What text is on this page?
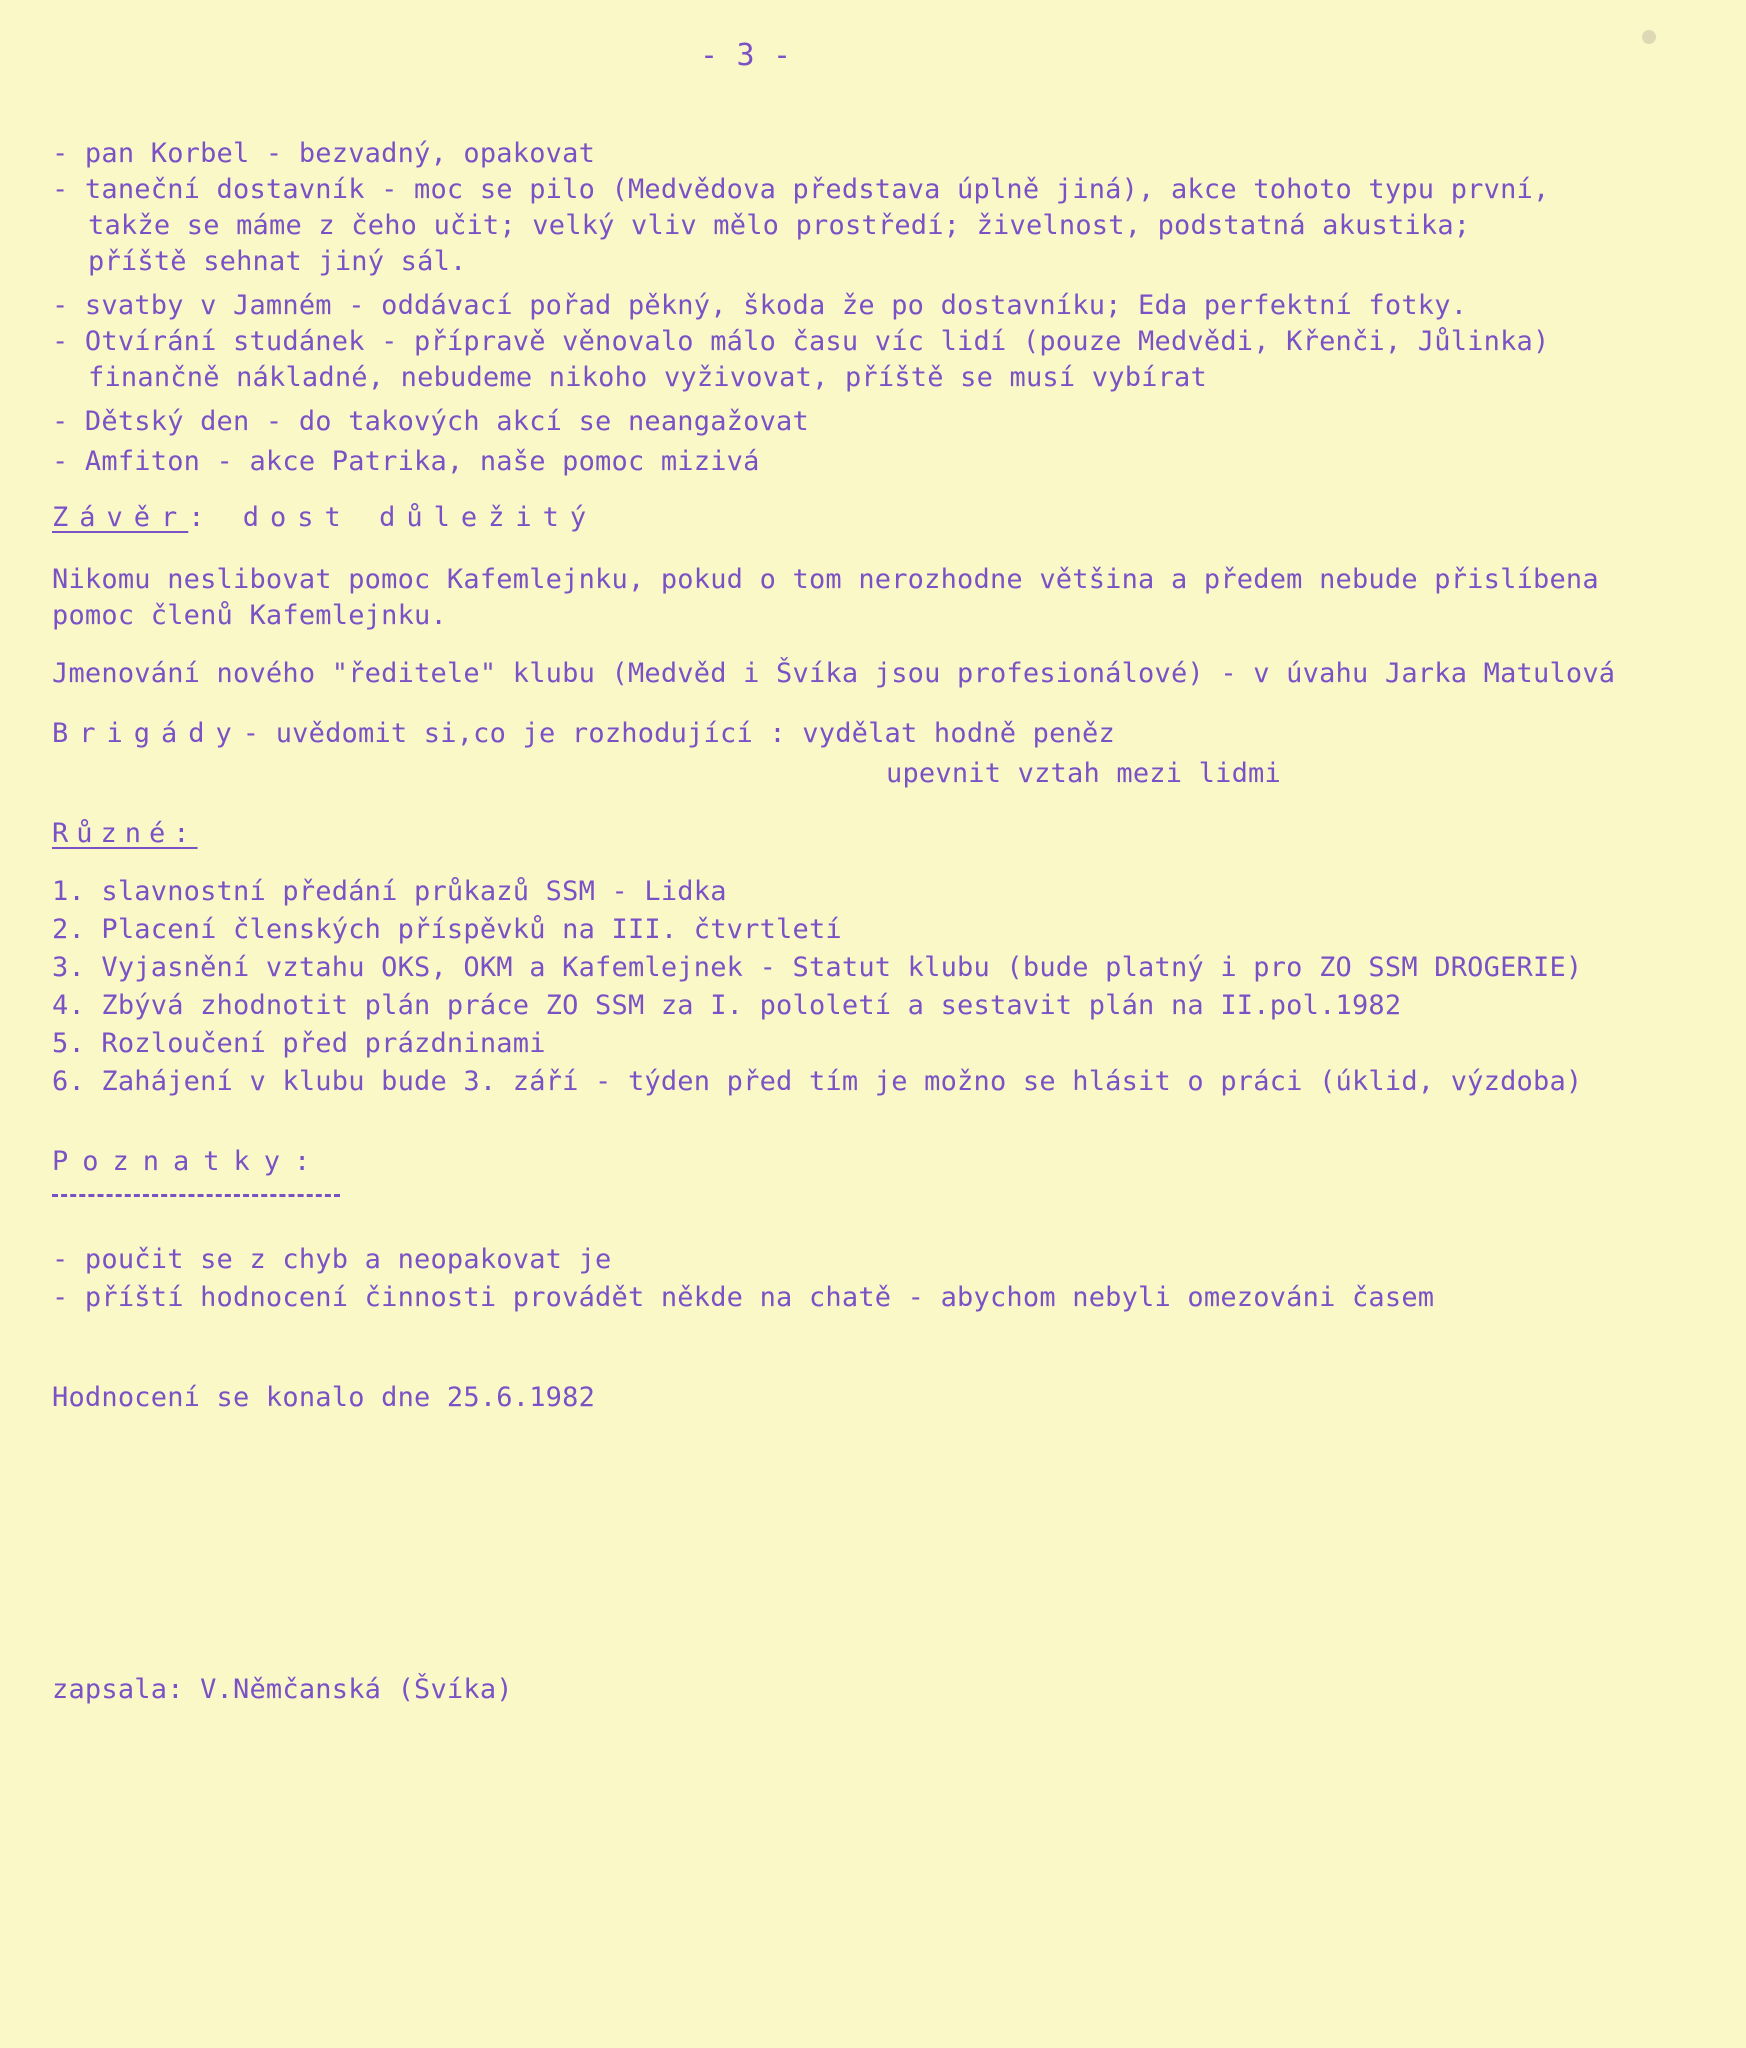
- 3 -
- pan Korbel - bezvadný, opakovat
- taneční dostavník - moc se pilo (Medvědova představa úplně jiná), akce tohoto typu první,
takže se máme z čeho učit; velký vliv mělo prostředí; živelnost, podstatná akustika;
příště sehnat jiný sál.
- svatby v Jamném - oddávací pořad pěkný, škoda že po dostavníku; Eda perfektní fotky.
- Otvírání studánek - přípravě věnovalo málo času víc lidí (pouze Medvědi, Křenči, Jůlinka)
finančně nákladné, nebudeme nikoho vyživovat, příště se musí vybírat
- Dětský den - do takových akcí se neangažovat
- Amfiton - akce Patrika, naše pomoc mizivá
Závěr: dost důležitý
Nikomu neslibovat pomoc Kafemlejnku, pokud o tom nerozhodne většina a předem nebude přislíbena
pomoc členů Kafemlejnku.
Jmenování nového "ředitele" klubu (Medvěd i Švíka jsou profesionálové) - v úvahu Jarka Matulová
Brigády- uvědomit si,co je rozhodující : vydělat hodně peněz
upevnit vztah mezi lidmi
Různé:
1. slavnostní předání průkazů SSM - Lidka
2. Placení členských příspěvků na III. čtvrtletí
3. Vyjasnění vztahu OKS, OKM a Kafemlejnek - Statut klubu (bude platný i pro ZO SSM DROGERIE)
4. Zbývá zhodnotit plán práce ZO SSM za I. pololetí a sestavit plán na II.pol.1982
5. Rozloučení před prázdninami
6. Zahájení v klubu bude 3. září - týden před tím je možno se hlásit o práci (úklid, výzdoba)
Poznatky:
- poučit se z chyb a neopakovat je
- příští hodnocení činnosti provádět někde na chatě - abychom nebyli omezováni časem
Hodnocení se konalo dne 25.6.1982
zapsala: V.Němčanská (Švíka)
